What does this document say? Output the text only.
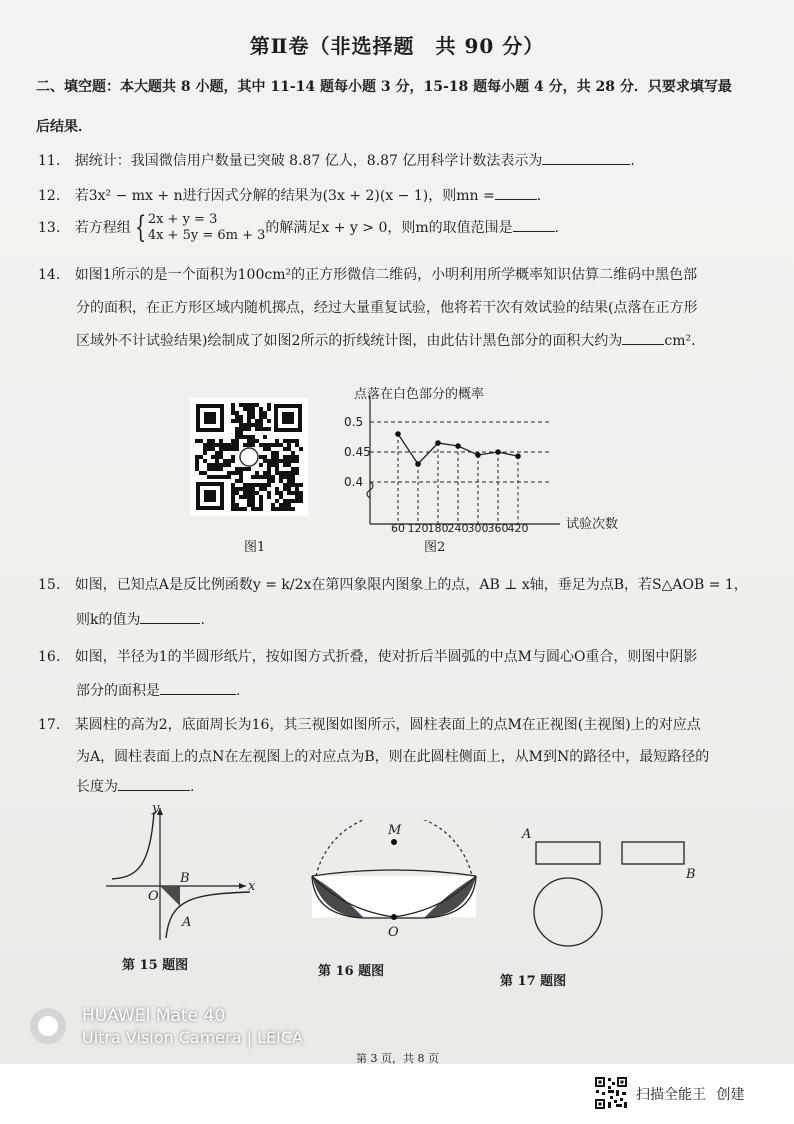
第Ⅱ卷（非选择题　共 90 分）
二、填空题：本大题共 8 小题，其中 11-14 题每小题 3 分，15-18 题每小题 4 分，共 28 分．只要求填写最
后结果．
11. 据统计：我国微信用户数量已突破 8.87 亿人，8.87 亿用科学计数法表示为	.
12. 若3x² − mx + n进行因式分解的结果为(3x + 2)(x − 1)，则mn =	.
13. 若方程组 { 2x + y = 3
4x + 5y = 6m + 3的解满足x + y > 0，则m的取值范围是	.
14. 如图1所示的是一个面积为100cm²的正方形微信二维码，小明利用所学概率知识估算二维码中黑色部
分的面积，在正方形区域内随机掷点，经过大量重复试验，他将若干次有效试验的结果(点落在正方形
区域外不计试验结果)绘制成了如图2所示的折线统计图，由此估计黑色部分的面积大约为	cm².
图1
点落在白色部分的概率
0.5
0.45
0.4
60 120 180 240 300 360 420	试验次数
图2
15. 如图，已知点A是反比例函数y = k/2x在第四象限内图象上的点，AB ⊥ x轴，垂足为点B，若S△AOB = 1，
则k的值为	.
16. 如图，半径为1的半圆形纸片，按如图方式折叠，使对折后半圆弧的中点M与圆心O重合，则图中阴影
部分的面积是	.
17. 某圆柱的高为2，底面周长为16，其三视图如图所示，圆柱表面上的点M在正视图(主视图)上的对应点
为A，圆柱表面上的点N在左视图上的对应点为B，则在此圆柱侧面上，从M到N的路径中，最短路径的
长度为	.
O
B
A
x
y
第 15 题图
M
O
第 16 题图
A
B
第 17 题图
HUAWEI Mate 40
Ultra Vision Camera | LEICA
第 3 页，共 8 页
扫描全能王 创建
